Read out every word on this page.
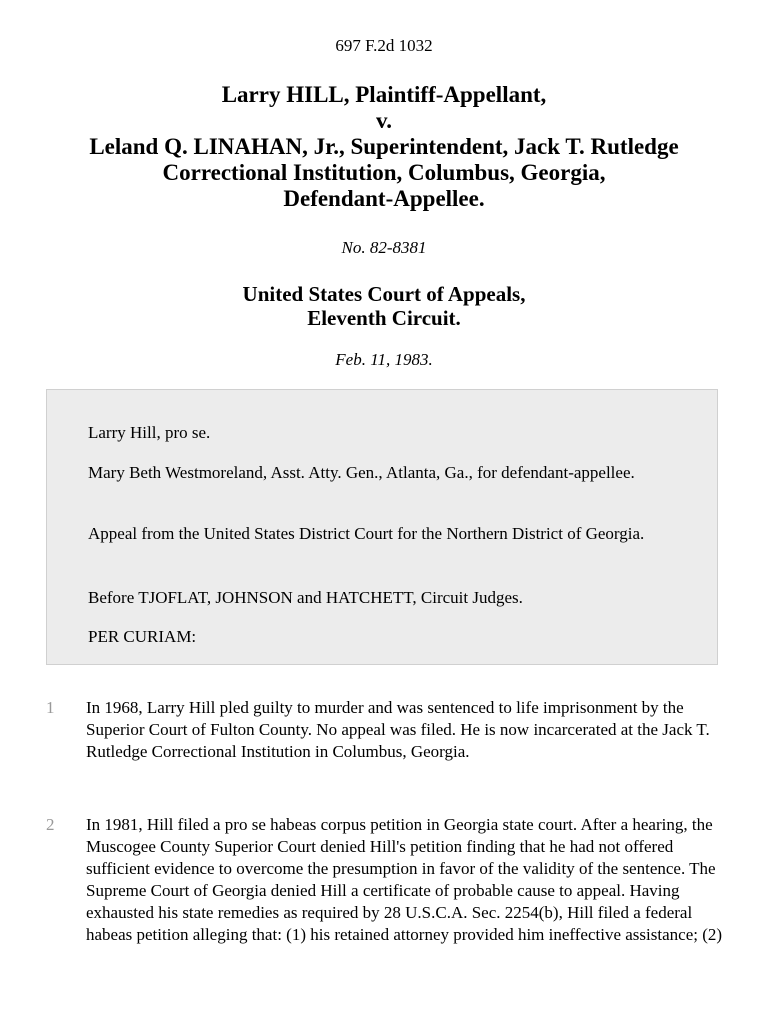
697 F.2d 1032
Larry HILL, Plaintiff-Appellant,
v.
Leland Q. LINAHAN, Jr., Superintendent, Jack T. Rutledge
Correctional Institution, Columbus, Georgia,
Defendant-Appellee.
No. 82-8381
United States Court of Appeals,
Eleventh Circuit.
Feb. 11, 1983.

Larry Hill, pro se.

Mary Beth Westmoreland, Asst. Atty. Gen., Atlanta, Ga., for defendant-appellee.

Appeal from the United States District Court for the Northern District of Georgia.

Before TJOFLAT, JOHNSON and HATCHETT, Circuit Judges.

PER CURIAM:

1 In 1968, Larry Hill pled guilty to murder and was sentenced to life imprisonment by the Superior Court of Fulton County. No appeal was filed. He is now incarcerated at the Jack T. Rutledge Correctional Institution in Columbus, Georgia.
2 In 1981, Hill filed a pro se habeas corpus petition in Georgia state court. After a hearing, the Muscogee County Superior Court denied Hill's petition finding that he had not offered sufficient evidence to overcome the presumption in favor of the validity of the sentence. The Supreme Court of Georgia denied Hill a certificate of probable cause to appeal. Having exhausted his state remedies as required by 28 U.S.C.A. Sec. 2254(b), Hill filed a federal habeas petition alleging that: (1) his retained attorney provided him ineffective assistance; (2)
